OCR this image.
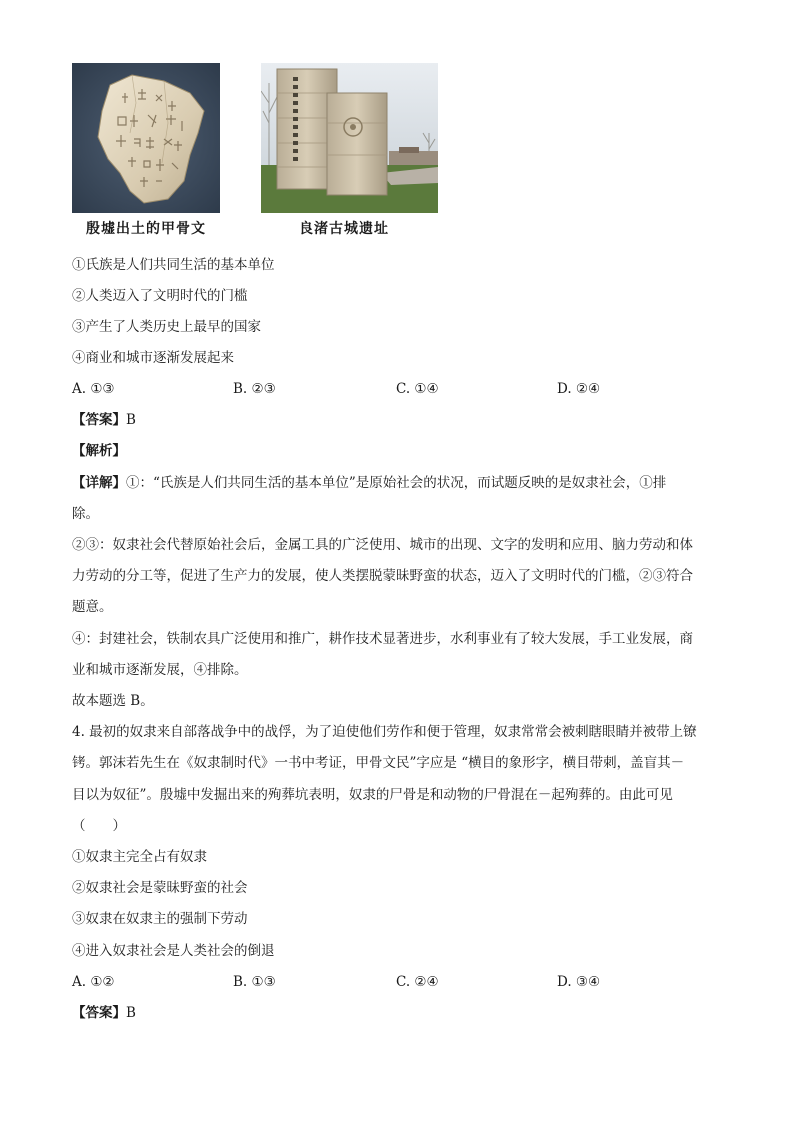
殷墟出土的甲骨文	良渚古城遗址
①氏族是人们共同生活的基本单位
②人类迈入了文明时代的门槛
③产生了人类历史上最早的国家
④商业和城市逐渐发展起来
A. ①③	B. ②③	C. ①④	D. ②④
【答案】B
【解析】
【详解】①：“氏族是人们共同生活的基本单位”是原始社会的状况，而试题反映的是奴隶社会，①排
除。
②③：奴隶社会代替原始社会后，金属工具的广泛使用、城市的出现、文字的发明和应用、脑力劳动和体
力劳动的分工等，促进了生产力的发展，使人类摆脱蒙昧野蛮的状态，迈入了文明时代的门槛，②③符合
题意。
④：封建社会，铁制农具广泛使用和推广，耕作技术显著进步，水利事业有了较大发展，手工业发展，商
业和城市逐渐发展，④排除。
故本题选 B。
4. 最初的奴隶来自部落战争中的战俘，为了迫使他们劳作和便于管理，奴隶常常会被刺瞎眼睛并被带上镣
铐。郭沫若先生在《奴隶制时代》一书中考证，甲骨文民”字应是 “横目的象形字，横目带刺，盖盲其－
目以为奴征”。殷墟中发掘出来的殉葬坑表明，奴隶的尸骨是和动物的尸骨混在－起殉葬的。由此可见
（　　）
①奴隶主完全占有奴隶
②奴隶社会是蒙昧野蛮的社会
③奴隶在奴隶主的强制下劳动
④进入奴隶社会是人类社会的倒退
A. ①②	B. ①③	C. ②④	D. ③④
【答案】B
